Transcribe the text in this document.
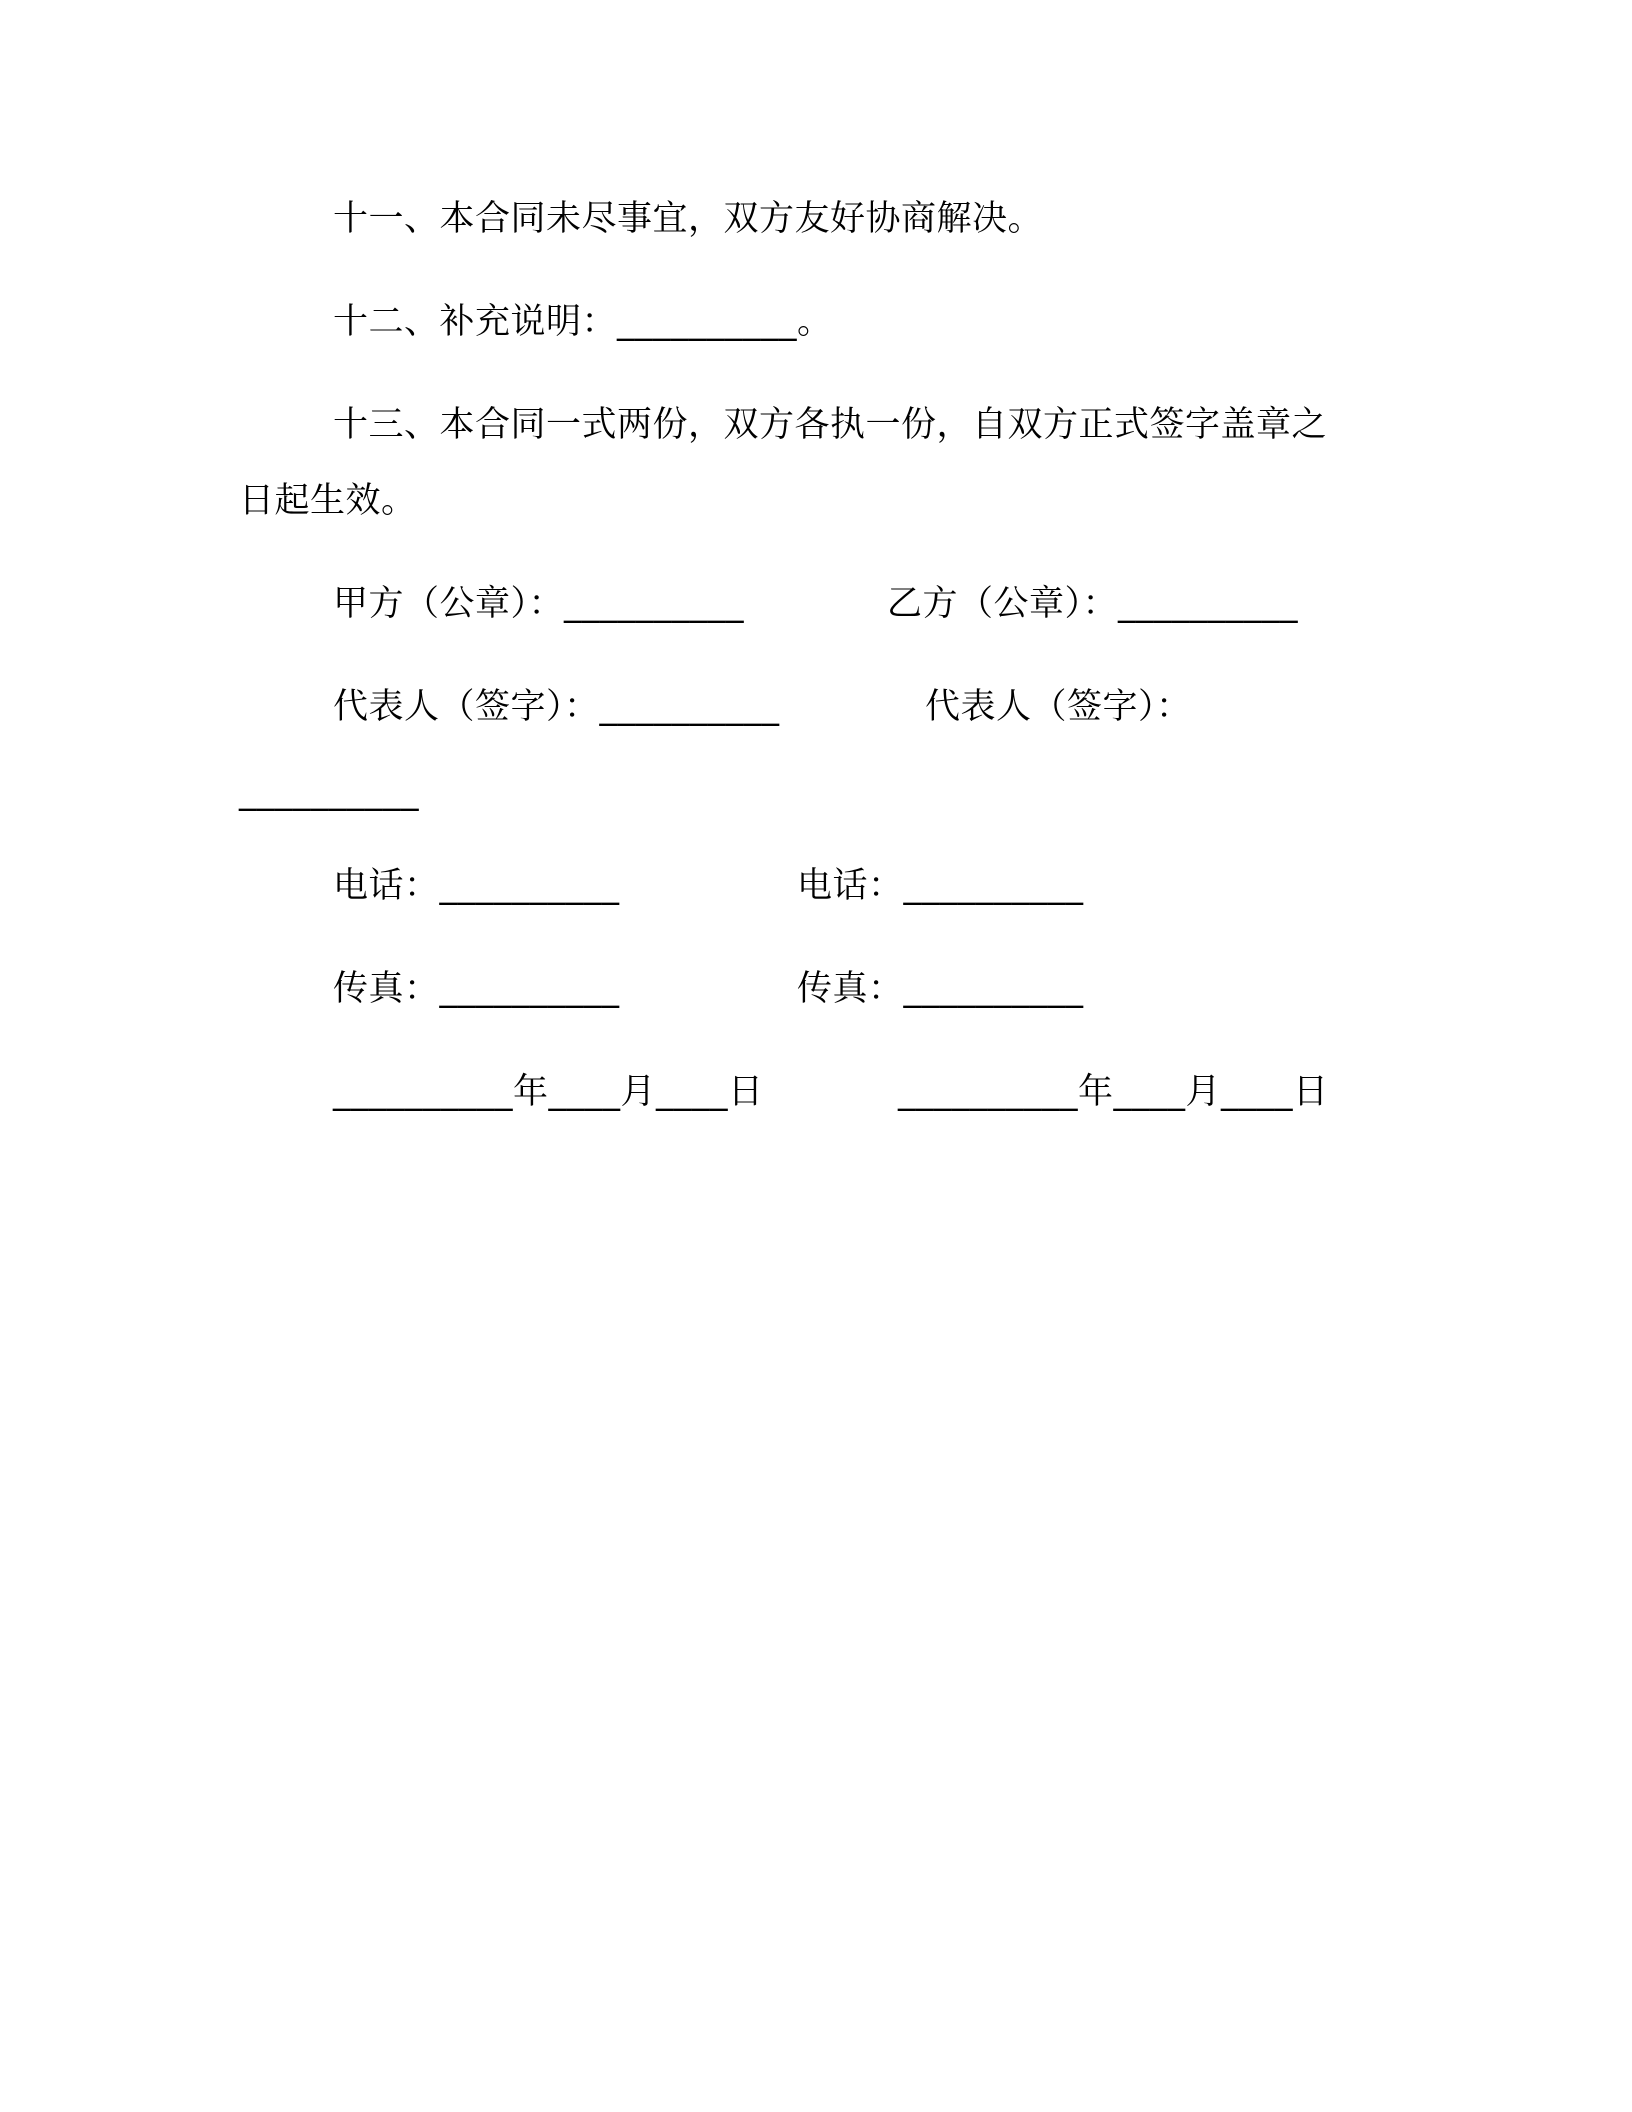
十一、本合同未尽事宜，双方友好协商解决。
十二、补充说明：__________。
十三、本合同一式两份，双方各执一份，自双方正式签字盖章之
日起生效。
甲方（公章）：__________	乙方（公章）：__________
代表人（签字）：__________	代表人（签字）：
__________
电话：__________	电话：__________
传真：__________	传真：__________
__________年____月____日	__________年____月____日
